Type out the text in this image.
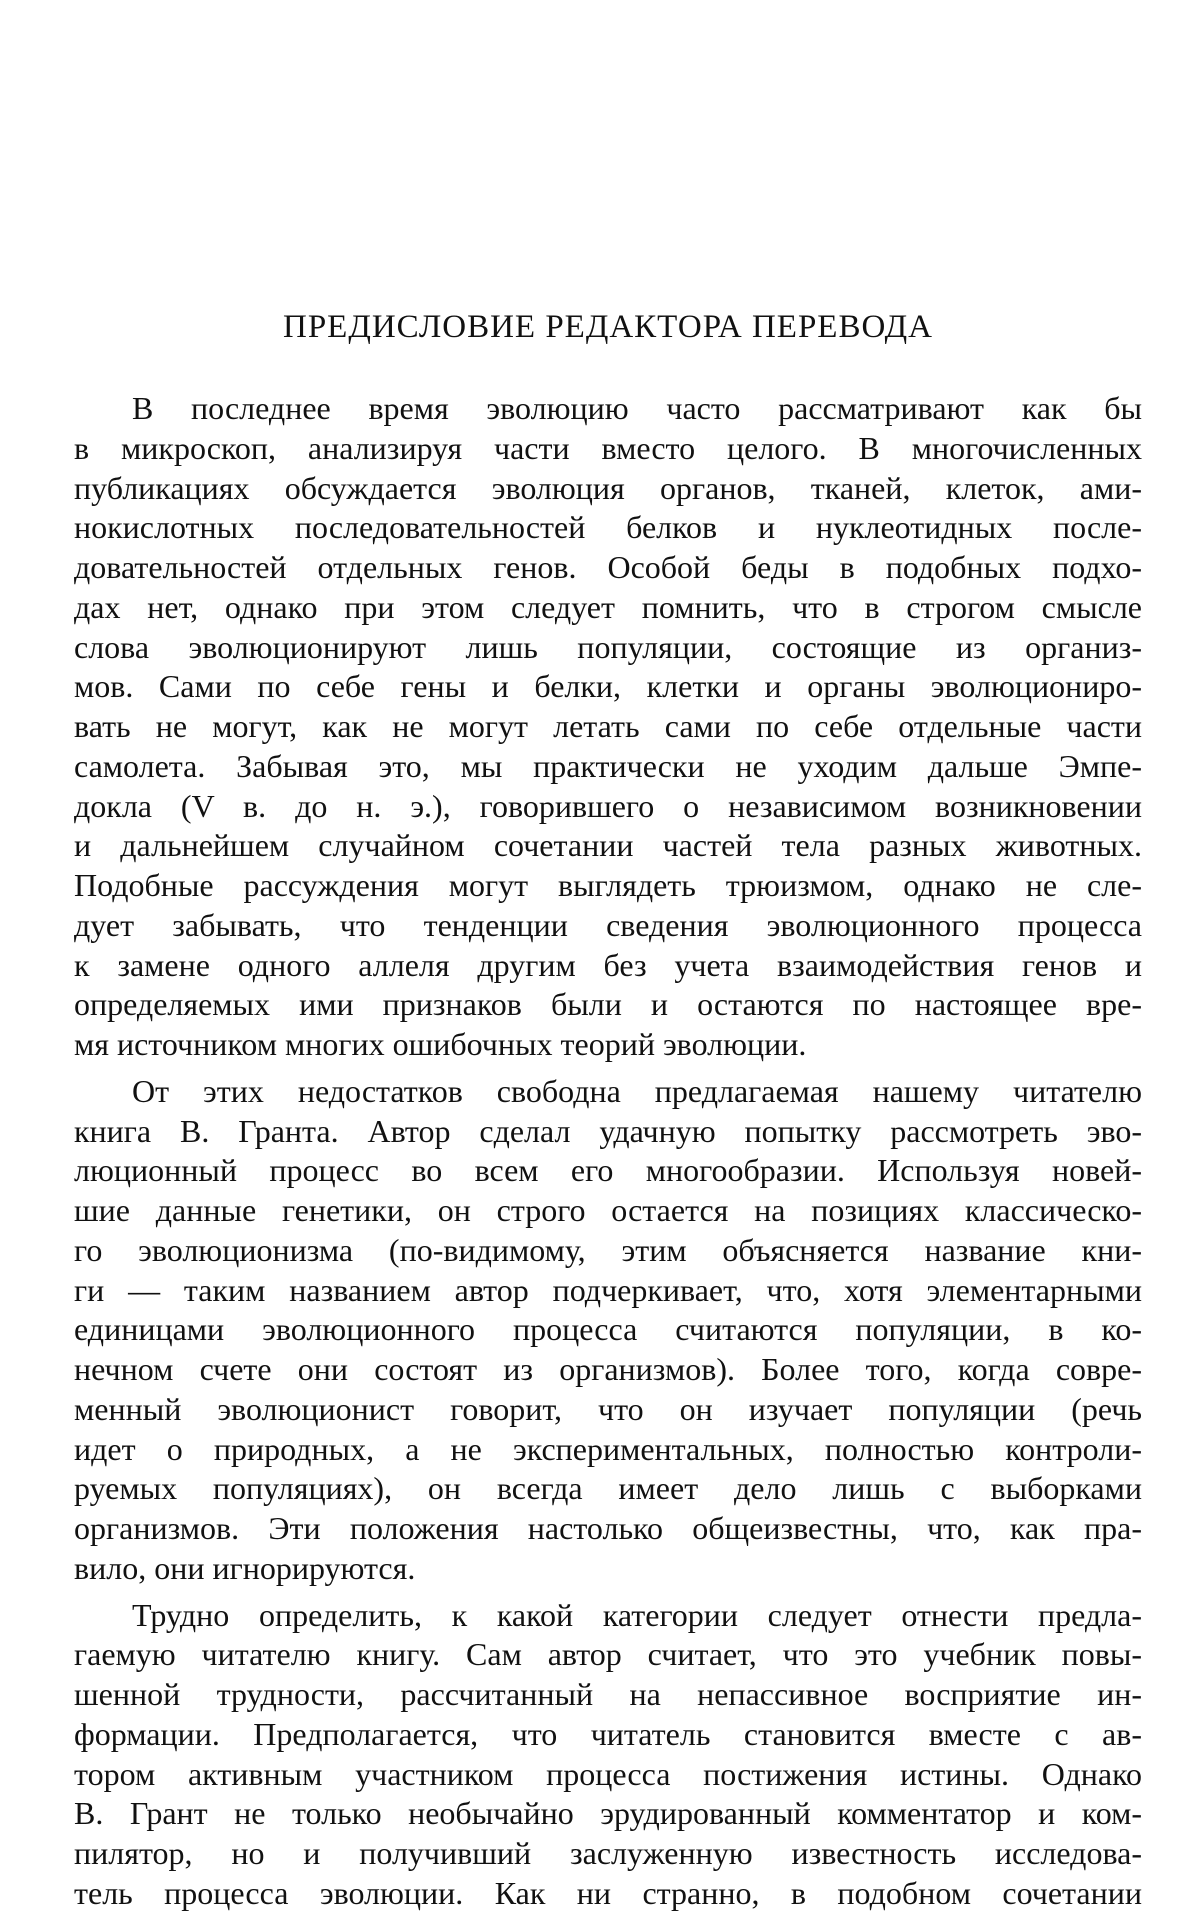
ПРЕДИСЛОВИЕ РЕДАКТОРА ПЕРЕВОДА
В последнее время эволюцию часто рассматривают как бы
в микроскоп, анализируя части вместо целого. В многочисленных
публикациях обсуждается эволюция органов, тканей, клеток, ами-
нокислотных последовательностей белков и нуклеотидных после-
довательностей отдельных генов. Особой беды в подобных подхо-
дах нет, однако при этом следует помнить, что в строгом смысле
слова эволюционируют лишь популяции, состоящие из организ-
мов. Сами по себе гены и белки, клетки и органы эволюциониро-
вать не могут, как не могут летать сами по себе отдельные части
самолета. Забывая это, мы практически не уходим дальше Эмпе-
докла (V в. до н. э.), говорившего о независимом возникновении
и дальнейшем случайном сочетании частей тела разных животных.
Подобные рассуждения могут выглядеть трюизмом, однако не сле-
дует забывать, что тенденции сведения эволюционного процесса
к замене одного аллеля другим без учета взаимодействия генов и
определяемых ими признаков были и остаются по настоящее вре-
мя источником многих ошибочных теорий эволюции.
От этих недостатков свободна предлагаемая нашему читателю
книга В. Гранта. Автор сделал удачную попытку рассмотреть эво-
люционный процесс во всем его многообразии. Используя новей-
шие данные генетики, он строго остается на позициях классическо-
го эволюционизма (по-видимому, этим объясняется название кни-
ги — таким названием автор подчеркивает, что, хотя элементарными
единицами эволюционного процесса считаются популяции, в ко-
нечном счете они состоят из организмов). Более того, когда совре-
менный эволюционист говорит, что он изучает популяции (речь
идет о природных, а не экспериментальных, полностью контроли-
руемых популяциях), он всегда имеет дело лишь с выборками
организмов. Эти положения настолько общеизвестны, что, как пра-
вило, они игнорируются.
Трудно определить, к какой категории следует отнести предла-
гаемую читателю книгу. Сам автор считает, что это учебник повы-
шенной трудности, рассчитанный на непассивное восприятие ин-
формации. Предполагается, что читатель становится вместе с ав-
тором активным участником процесса постижения истины. Однако
В. Грант не только необычайно эрудированный комментатор и ком-
пилятор, но и получивший заслуженную известность исследова-
тель процесса эволюции. Как ни странно, в подобном сочетании
